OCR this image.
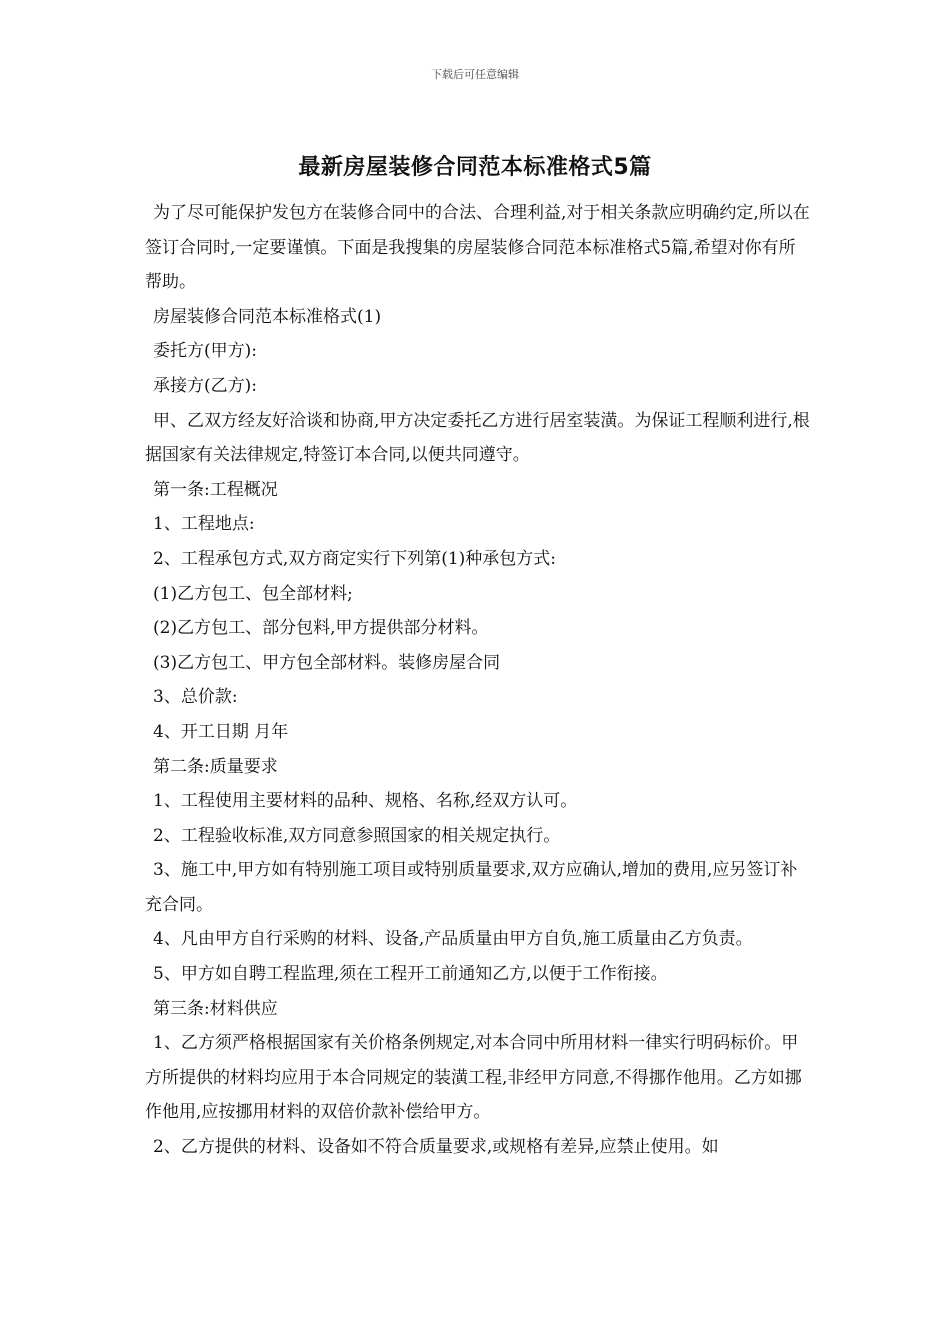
下载后可任意编辑
最新房屋装修合同范本标准格式5篇

为了尽可能保护发包方在装修合同中的合法、合理利益,对于相关条款应明确约定,所以在签订合同时,一定要谨慎。下面是我搜集的房屋装修合同范本标准格式5篇,希望对你有所帮助。

房屋装修合同范本标准格式(1)

委托方(甲方):

承接方(乙方):

甲、乙双方经友好洽谈和协商,甲方决定委托乙方进行居室装潢。为保证工程顺利进行,根据国家有关法律规定,特签订本合同,以便共同遵守。

第一条:工程概况

1、工程地点:

2、工程承包方式,双方商定实行下列第(1)种承包方式:

(1)乙方包工、包全部材料;

(2)乙方包工、部分包料,甲方提供部分材料。

(3)乙方包工、甲方包全部材料。装修房屋合同

3、总价款:

4、开工日期 月年

第二条:质量要求

1、工程使用主要材料的品种、规格、名称,经双方认可。

2、工程验收标准,双方同意参照国家的相关规定执行。

3、施工中,甲方如有特别施工项目或特别质量要求,双方应确认,增加的费用,应另签订补充合同。

4、凡由甲方自行采购的材料、设备,产品质量由甲方自负,施工质量由乙方负责。

5、甲方如自聘工程监理,须在工程开工前通知乙方,以便于工作衔接。

第三条:材料供应

1、乙方须严格根据国家有关价格条例规定,对本合同中所用材料一律实行明码标价。甲方所提供的材料均应用于本合同规定的装潢工程,非经甲方同意,不得挪作他用。乙方如挪作他用,应按挪用材料的双倍价款补偿给甲方。

2、乙方提供的材料、设备如不符合质量要求,或规格有差异,应禁止使用。如
